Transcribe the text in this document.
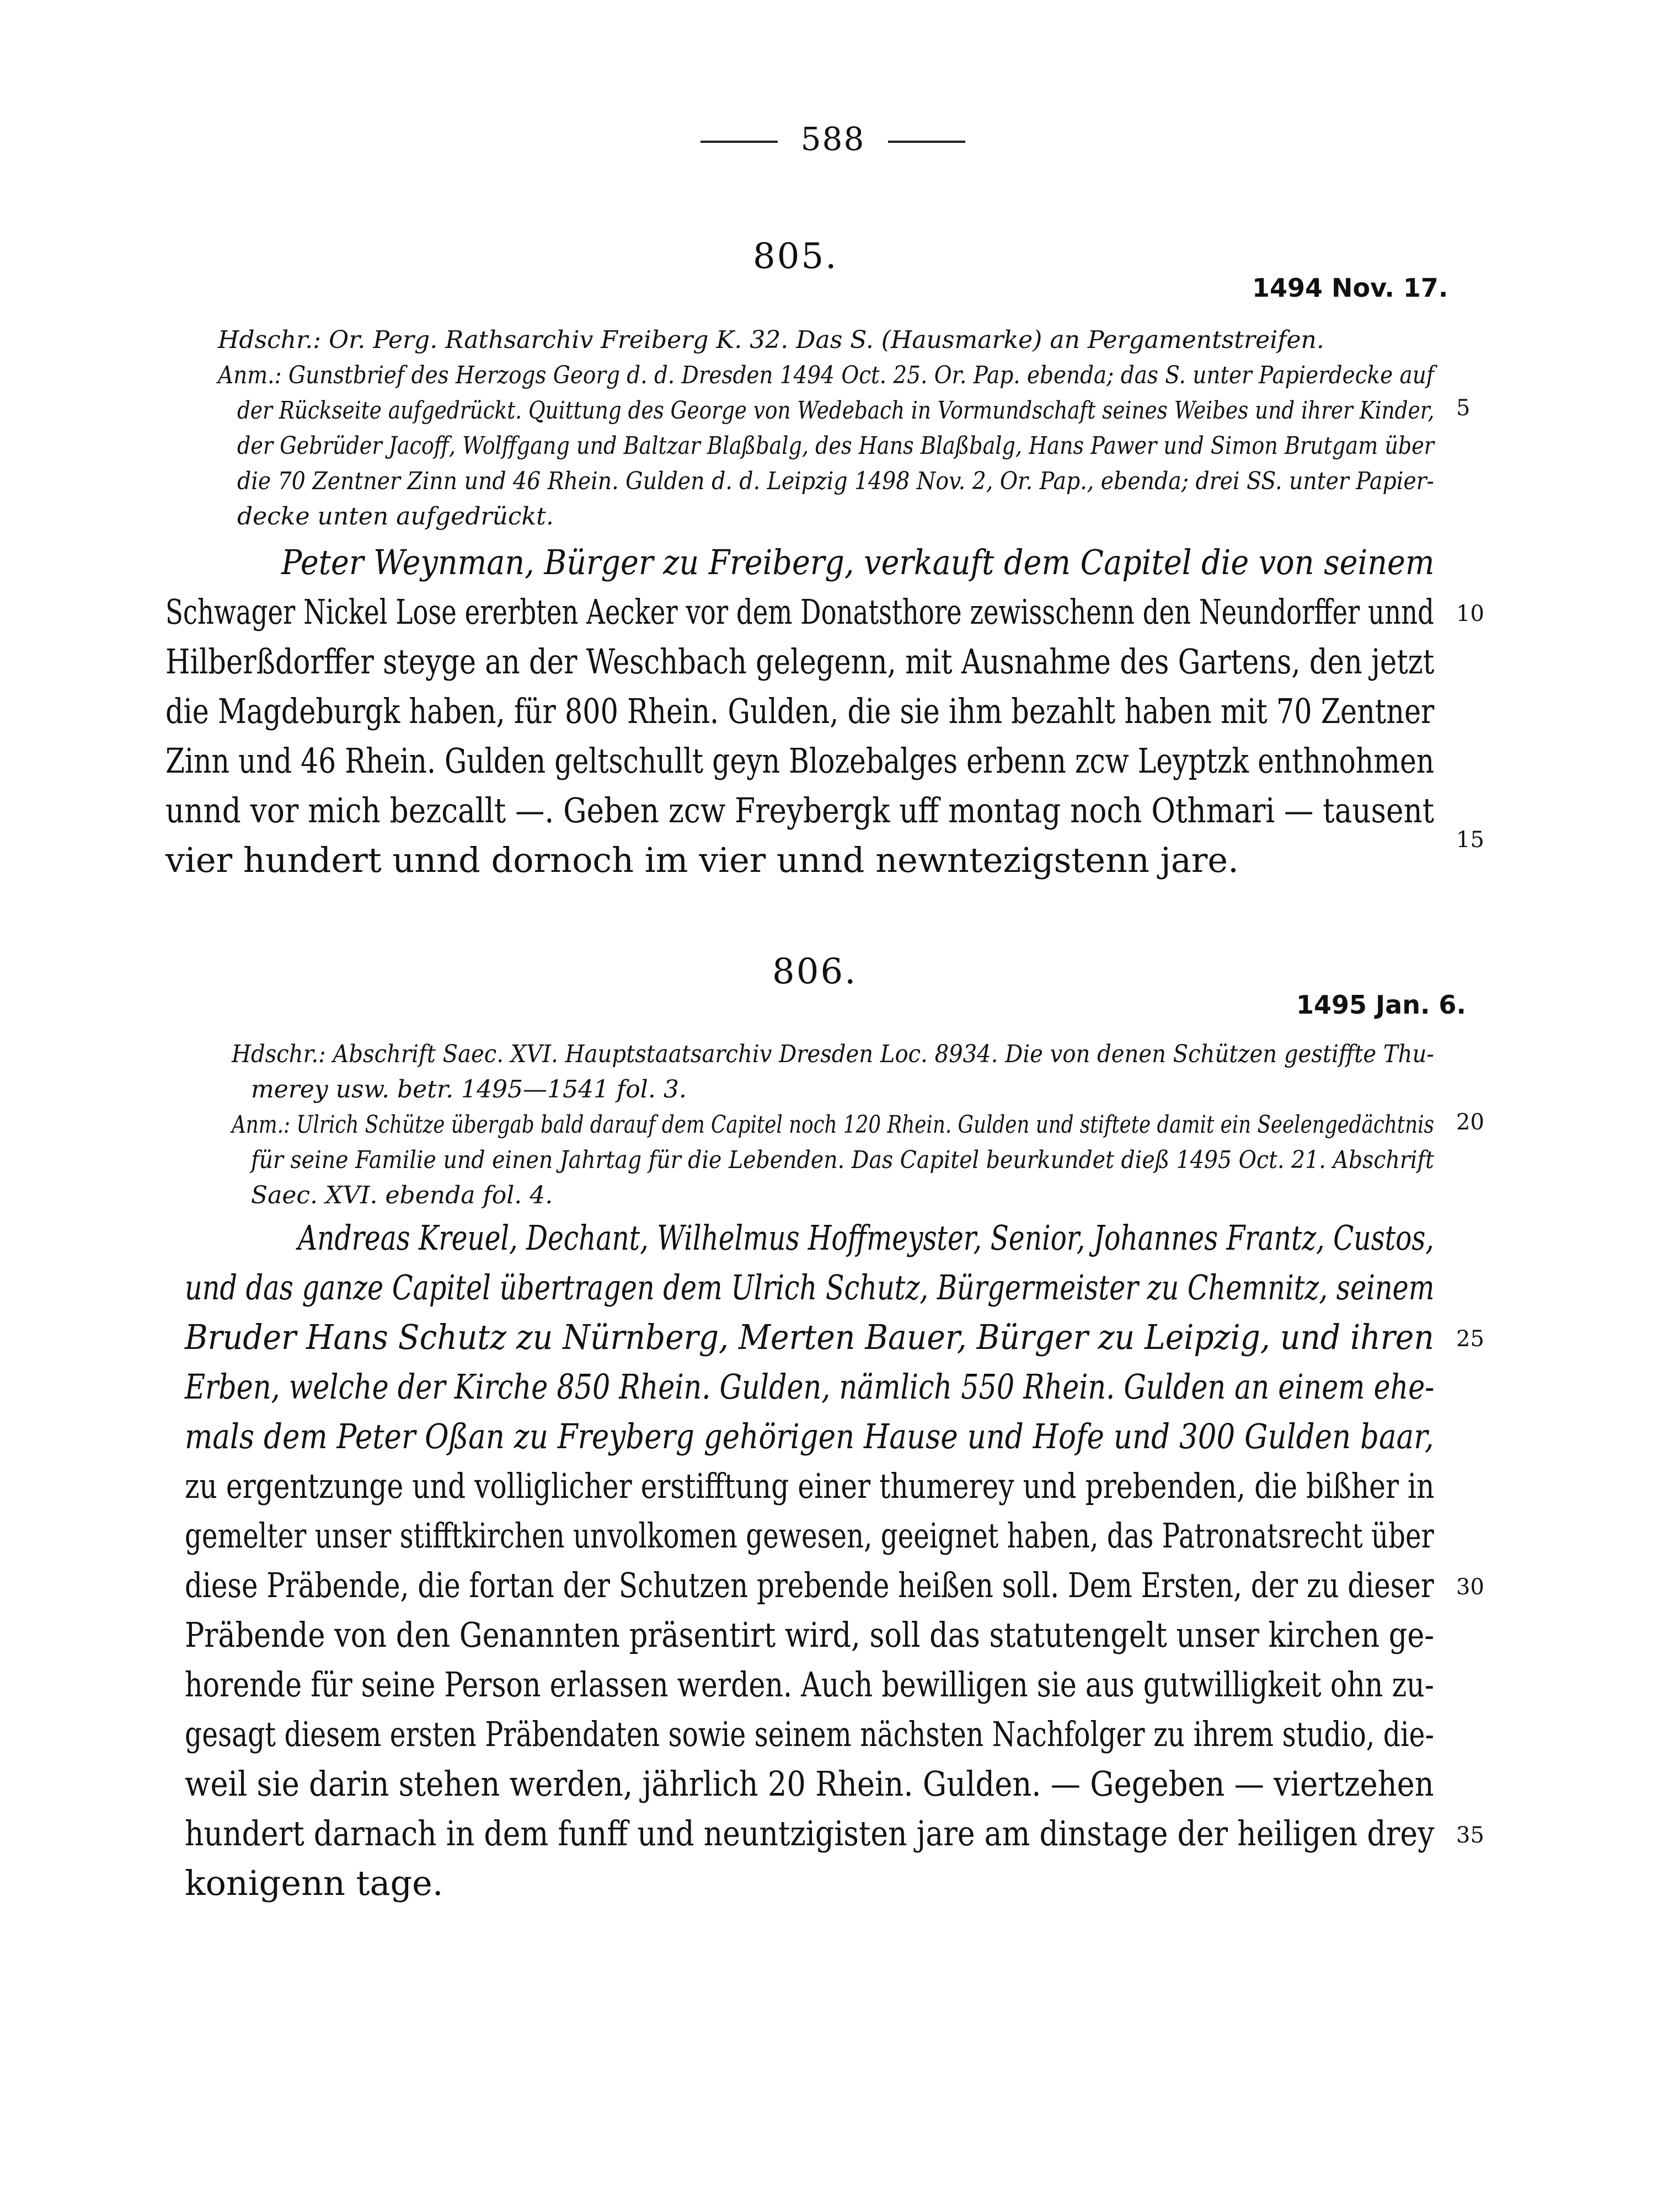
588
805.
1494 Nov. 17.
Hdschr.: Or. Perg. Rathsarchiv Freiberg K. 32. Das S. (Hausmarke) an Pergamentstreifen.
Anm.: Gunstbrief des Herzogs Georg d. d. Dresden 1494 Oct. 25. Or. Pap. ebenda; das S. unter Papierdecke auf
der Rückseite aufgedrückt. Quittung des George von Wedebach in Vormundschaft seines Weibes und ihrer Kinder,
der Gebrüder Jacoff, Wolffgang und Baltzar Blaßbalg, des Hans Blaßbalg, Hans Pawer und Simon Brutgam über
die 70 Zentner Zinn und 46 Rhein. Gulden d. d. Leipzig 1498 Nov. 2, Or. Pap., ebenda; drei SS. unter Papier-
decke unten aufgedrückt.
Peter Weynman, Bürger zu Freiberg, verkauft dem Capitel die von seinem
Schwager Nickel Lose ererbten Aecker vor dem Donatsthore zewisschenn den Neundorffer unnd
Hilberßdorffer steyge an der Weschbach gelegenn, mit Ausnahme des Gartens, den jetzt
die Magdeburgk haben, für 800 Rhein. Gulden, die sie ihm bezahlt haben mit 70 Zentner
Zinn und 46 Rhein. Gulden geltschullt geyn Blozebalges erbenn zcw Leyptzk enthnohmen
unnd vor mich bezcallt —. Geben zcw Freybergk uff montag noch Othmari — tausent
vier hundert unnd dornoch im vier unnd newntezigstenn jare.
806.
1495 Jan. 6.
Hdschr.: Abschrift Saec. XVI. Hauptstaatsarchiv Dresden Loc. 8934. Die von denen Schützen gestiffte Thu-
merey usw. betr. 1495—1541 fol. 3.
Anm.: Ulrich Schütze übergab bald darauf dem Capitel noch 120 Rhein. Gulden und stiftete damit ein Seelengedächtnis
für seine Familie und einen Jahrtag für die Lebenden. Das Capitel beurkundet dieß 1495 Oct. 21. Abschrift
Saec. XVI. ebenda fol. 4.
Andreas Kreuel, Dechant, Wilhelmus Hoffmeyster, Senior, Johannes Frantz, Custos,
und das ganze Capitel übertragen dem Ulrich Schutz, Bürgermeister zu Chemnitz, seinem
Bruder Hans Schutz zu Nürnberg, Merten Bauer, Bürger zu Leipzig, und ihren
Erben, welche der Kirche 850 Rhein. Gulden, nämlich 550 Rhein. Gulden an einem ehe-
mals dem Peter Oßan zu Freyberg gehörigen Hause und Hofe und 300 Gulden baar,
zu ergentzunge und volliglicher erstifftung einer thumerey und prebenden, die bißher in
gemelter unser stifftkirchen unvolkomen gewesen, geeignet haben, das Patronatsrecht über
diese Präbende, die fortan der Schutzen prebende heißen soll. Dem Ersten, der zu dieser
Präbende von den Genannten präsentirt wird, soll das statutengelt unser kirchen ge-
horende für seine Person erlassen werden. Auch bewilligen sie aus gutwilligkeit ohn zu-
gesagt diesem ersten Präbendaten sowie seinem nächsten Nachfolger zu ihrem studio, die-
weil sie darin stehen werden, jährlich 20 Rhein. Gulden. — Gegeben — viertzehen
hundert darnach in dem funff und neuntzigisten jare am dinstage der heiligen drey
konigenn tage.
5
10
15
20
25
30
35
